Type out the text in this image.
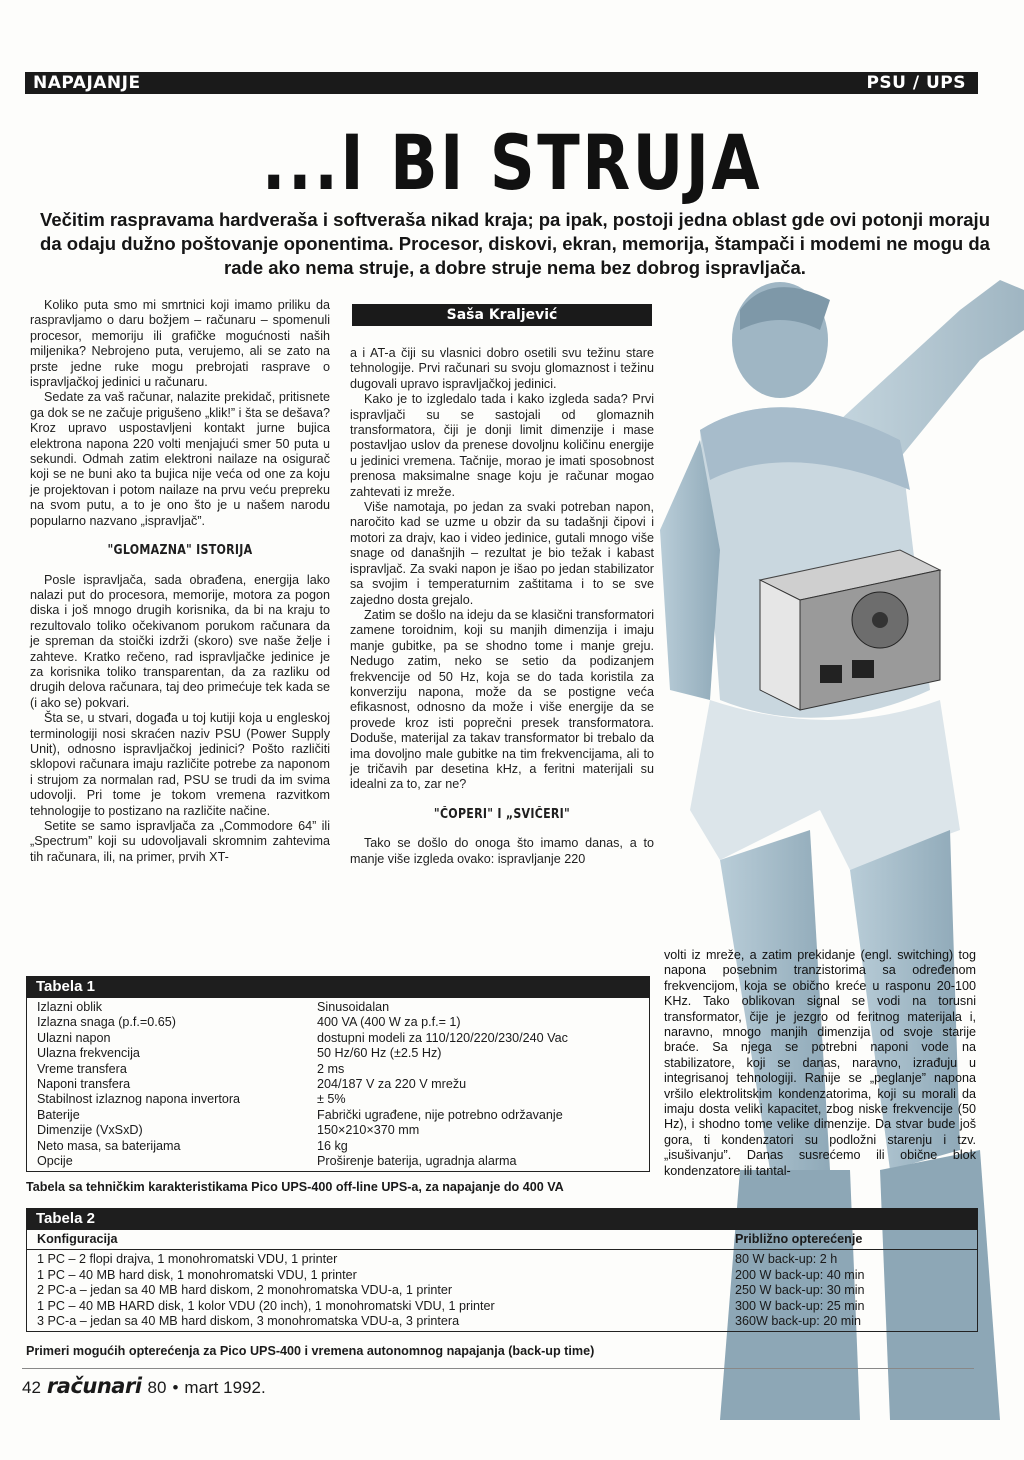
NAPAJANJE	PSU / UPS
...I BI STRUJA
Večitim raspravama hardveraša i softveraša nikad kraja; pa ipak, postoji jedna oblast gde ovi potonji moraju da odaju dužno poštovanje oponentima. Procesor, diskovi, ekran, memorija, štampači i modemi ne mogu da rade ako nema struje, a dobre struje nema bez dobrog ispravljača.

Koliko puta smo mi smrtnici koji imamo priliku da raspravljamo o daru božjem – računaru – spomenuli procesor, memoriju ili grafičke mogućnosti naših miljenika? Nebrojeno puta, verujemo, ali se zato na prste jedne ruke mogu prebrojati rasprave o ispravljačkoj jedinici u računaru.

Sedate za vaš računar, nalazite prekidač, pritisnete ga dok se ne začuje prigušeno „klik!” i šta se dešava? Kroz upravo uspostavljeni kontakt jurne bujica elektrona napona 220 volti menjajući smer 50 puta u sekundi. Odmah zatim elektroni nailaze na osigurač koji se ne buni ako ta bujica nije veća od one za koju je projektovan i potom nailaze na prvu veću prepreku na svom putu, a to je ono što je u našem narodu popularno nazvano „ispravljač”.

"GLOMAZNA" ISTORIJA

Posle ispravljača, sada obrađena, energija lako nalazi put do procesora, memorije, motora za pogon diska i još mnogo drugih korisnika, da bi na kraju to rezultovalo toliko očekivanom porukom računara da je spreman da stoički izdrži (skoro) sve naše želje i zahteve. Kratko rečeno, rad ispravljačke jedinice je za korisnika toliko transparentan, da za razliku od drugih delova računara, taj deo primećuje tek kada se (i ako se) pokvari.

Šta se, u stvari, događa u toj kutiji koja u engleskoj terminologiji nosi skraćen naziv PSU (Power Supply Unit), odnosno ispravljačkoj jedinici? Pošto različiti sklopovi računara imaju različite potrebe za naponom i strujom za normalan rad, PSU se trudi da im svima udovolji. Pri tome je tokom vremena razvitkom tehnologije to postizano na različite načine.

Setite se samo ispravljača za „Commodore 64” ili „Spectrum” koji su udovoljavali skromnim zahtevima tih računara, ili, na primer, prvih XT-

Saša Kraljević

a i AT-a čiji su vlasnici dobro osetili svu težinu stare tehnologije. Prvi računari su svoju glomaznost i težinu dugovali upravo ispravljačkoj jedinici.

Kako je to izgledalo tada i kako izgleda sada? Prvi ispravljači su se sastojali od glomaznih transformatora, čiji je donji limit dimenzije i mase postavljao uslov da prenese dovoljnu količinu energije u jedinici vremena. Tačnije, morao je imati sposobnost prenosa maksimalne snage koju je računar mogao zahtevati iz mreže.

Više namotaja, po jedan za svaki potreban napon, naročito kad se uzme u obzir da su tadašnji čipovi i motori za drajv, kao i video jedinice, gutali mnogo više snage od današnjih – rezultat je bio težak i kabast ispravljač. Za svaki napon je išao po jedan stabilizator sa svojim i temperaturnim zaštitama i to se sve zajedno dosta grejalo.

Zatim se došlo na ideju da se klasični transformatori zamene toroidnim, koji su manjih dimenzija i imaju manje gubitke, pa se shodno tome i manje greju. Nedugo zatim, neko se setio da podizanjem frekvencije od 50 Hz, koja se do tada koristila za konverziju napona, može da se postigne veća efikasnost, odnosno da može i više energije da se provede kroz isti poprečni presek transformatora. Doduše, materijal za takav transformator bi trebalo da ima dovoljno male gubitke na tim frekvencijama, ali to je tričavih par desetina kHz, a feritni materijali su idealni za to, zar ne?

"ČOPERI" I „SVIČERI"

Tako se došlo do onoga što imamo danas, a to manje više izgleda ovako: ispravljanje 220

volti iz mreže, a zatim prekidanje (engl. switching) tog napona posebnim tranzistorima sa određenom frekvencijom, koja se obično kreće u rasponu 20-100 KHz. Tako oblikovan signal se vodi na torusni transformator, čije je jezgro od feritnog materijala i, naravno, mnogo manjih dimenzija od svoje starije braće. Sa njega se potrebni naponi vode na stabilizatore, koji se danas, naravno, izrađuju u integrisanoj tehnologiji. Ranije se „peglanje” napona vršilo elektrolitskim kondenzatorima, koji su morali da imaju dosta veliki kapacitet, zbog niske frekvencije (50 Hz), i shodno tome velike dimenzije. Da stvar bude još gora, ti kondenzatori su podložni starenju i tzv. „isušivanju”. Danas susrećemo ili obične blok kondenzatore ili tantal-

Tabela 1
Izlazni oblik	Sinusoidalan
Izlazna snaga (p.f.=0.65)	400 VA (400 W za p.f.= 1)
Ulazni napon	dostupni modeli za 110/120/220/230/240 Vac
Ulazna frekvencija	50 Hz/60 Hz (±2.5 Hz)
Vreme transfera	2 ms
Naponi transfera	204/187 V za 220 V mrežu
Stabilnost izlaznog napona invertora	± 5%
Baterije	Fabrički ugrađene, nije potrebno održavanje
Dimenzije (VxSxD)	150×210×370 mm
Neto masa, sa baterijama	16 kg
Opcije	Proširenje baterija, ugradnja alarma
Tabela sa tehničkim karakteristikama Pico UPS-400 off-line UPS-a, za napajanje do 400 VA
Tabela 2
Konfiguracija	Približno opterećenje
1 PC – 2 flopi drajva, 1 monohromatski VDU, 1 printer	80 W back-up: 2 h
1 PC – 40 MB hard disk, 1 monohromatski VDU, 1 printer	200 W back-up: 40 min
2 PC-a – jedan sa 40 MB hard diskom, 2 monohromatska VDU-a, 1 printer	250 W back-up: 30 min
1 PC – 40 MB HARD disk, 1 kolor VDU (20 inch), 1 monohromatski VDU, 1 printer	300 W back-up: 25 min
3 PC-a – jedan sa 40 MB hard diskom, 3 monohromatska VDU-a, 3 printera	360W back-up: 20 min
Primeri mogućih opterećenja za Pico UPS-400 i vremena autonomnog napajanja (back-up time)
42 računari 80 • mart 1992.
